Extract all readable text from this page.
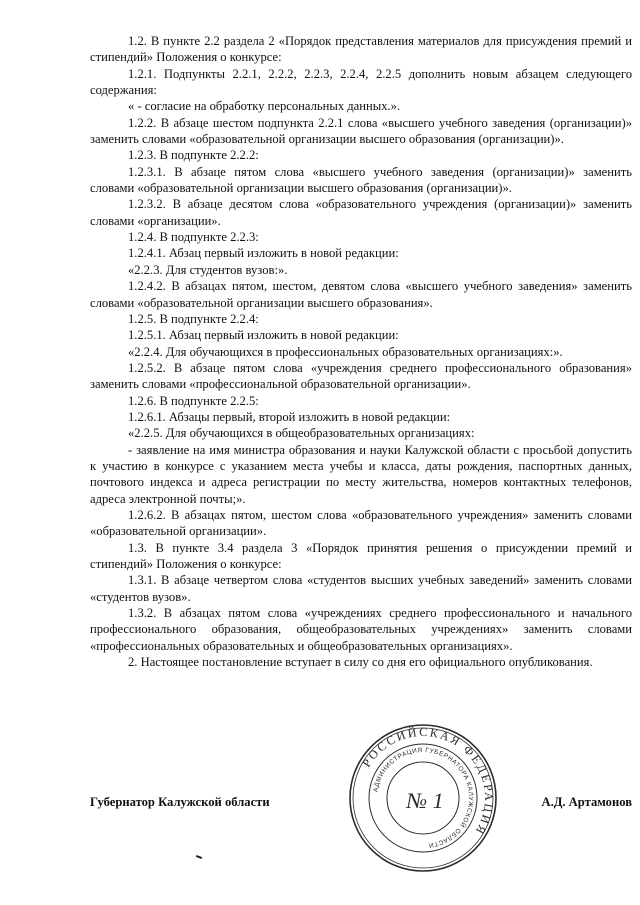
1.2. В пункте 2.2 раздела 2 «Порядок представления материалов для присуждения премий и стипендий» Положения о конкурсе:

1.2.1. Подпункты 2.2.1, 2.2.2, 2.2.3, 2.2.4, 2.2.5 дополнить новым абзацем следующего содержания:

« - согласие на обработку персональных данных.».

1.2.2. В абзаце шестом подпункта 2.2.1 слова «высшего учебного заведения (организации)» заменить словами «образовательной организации высшего образования (организации)».

1.2.3. В подпункте 2.2.2:

1.2.3.1. В абзаце пятом слова «высшего учебного заведения (организации)» заменить словами «образовательной организации высшего образования (организации)».

1.2.3.2. В абзаце десятом слова «образовательного учреждения (организации)» заменить словами «организации».

1.2.4. В подпункте 2.2.3:

1.2.4.1. Абзац первый изложить в новой редакции:

«2.2.3. Для студентов вузов:».

1.2.4.2. В абзацах пятом, шестом, девятом слова «высшего учебного заведения» заменить словами «образовательной организации высшего образования».

1.2.5. В подпункте 2.2.4:

1.2.5.1. Абзац первый изложить в новой редакции:

«2.2.4. Для обучающихся в профессиональных образовательных организациях:».

1.2.5.2. В абзаце пятом слова «учреждения среднего профессионального образования» заменить словами «профессиональной образовательной организации».

1.2.6. В подпункте 2.2.5:

1.2.6.1. Абзацы первый, второй изложить в новой редакции:

«2.2.5. Для обучающихся в общеобразовательных организациях:

- заявление на имя министра образования и науки Калужской области с просьбой допустить к участию в конкурсе с указанием места учебы и класса, даты рождения, паспортных данных, почтового индекса и адреса регистрации по месту жительства, номеров контактных телефонов, адреса электронной почты;».

1.2.6.2. В абзацах пятом, шестом слова «образовательного учреждения» заменить словами «образовательной организации».

1.3. В пункте 3.4 раздела 3 «Порядок принятия решения о присуждении премий и стипендий» Положения о конкурсе:

1.3.1. В абзаце четвертом слова «студентов высших учебных заведений» заменить словами «студентов вузов».

1.3.2. В абзацах пятом слова «учреждениях среднего профессионального и начального профессионального образования, общеобразовательных учреждениях» заменить словами «профессиональных образовательных и общеобразовательных организациях».

2. Настоящее постановление вступает в силу со дня его официального опубликования.

Губернатор Калужской области	А.Д. Артамонов
РОССИЙСКАЯ ФЕДЕРАЦИЯ
АДМИНИСТРАЦИЯ ГУБЕРНАТОРА КАЛУЖСКОЙ ОБЛАСТИ
№ 1
